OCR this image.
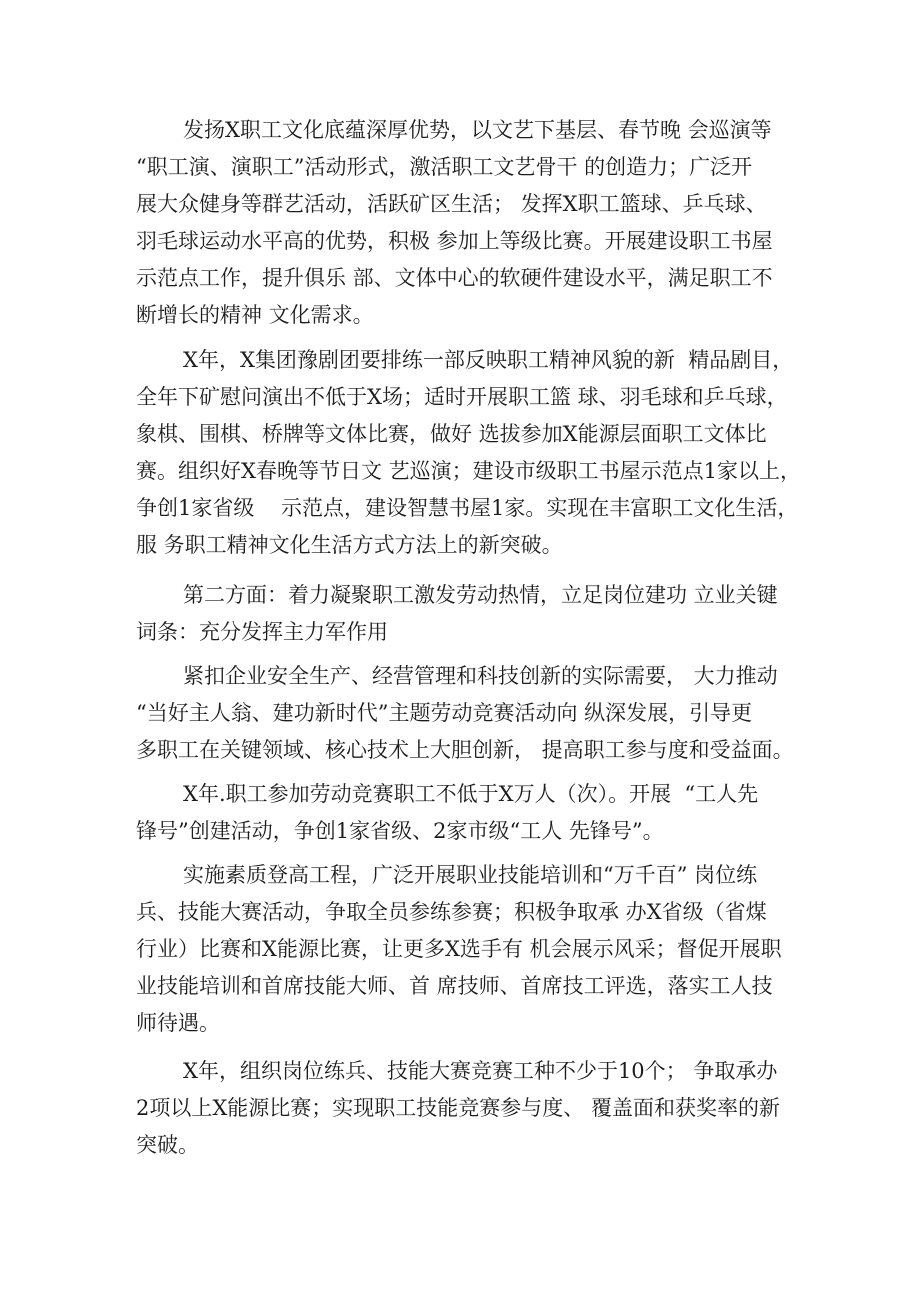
发扬X职工文化底蕴深厚优势，以文艺下基层、春节晚 会巡演等

“职工演、演职工”活动形式，激活职工文艺骨干 的创造力；广泛开

展大众健身等群艺活动，活跃矿区生活； 发挥X职工篮球、乒乓球、

羽毛球运动水平高的优势，积极 参加上等级比赛。开展建设职工书屋

示范点工作，提升俱乐 部、文体中心的软硬件建设水平，满足职工不

断增长的精神 文化需求。

X年，X集团豫剧团要排练一部反映职工精神风貌的新  精品剧目，

全年下矿慰问演出不低于X场；适时开展职工篮 球、羽毛球和乒乓球，

象棋、围棋、桥牌等文体比赛，做好 选拔参加X能源层面职工文体比

赛。组织好X春晚等节日文 艺巡演；建设市级职工书屋示范点1家以上，

争创1家省级    示范点，建设智慧书屋1家。实现在丰富职工文化生活，

服 务职工精神文化生活方式方法上的新突破。

第二方面：着力凝聚职工激发劳动热情，立足岗位建功 立业关键

词条：充分发挥主力军作用

紧扣企业安全生产、经营管理和科技创新的实际需要， 大力推动

“当好主人翁、建功新时代”主题劳动竞赛活动向 纵深发展，引导更

多职工在关键领域、核心技术上大胆创新， 提高职工参与度和受益面。

X年.职工参加劳动竞赛职工不低于X万人（次）。开展  “工人先

锋号”创建活动，争创1家省级、2家市级“工人 先锋号”。

实施素质登高工程，广泛开展职业技能培训和“万千百” 岗位练

兵、技能大赛活动，争取全员参练参赛；积极争取承 办X省级（省煤

行业）比赛和X能源比赛，让更多X选手有 机会展示风采；督促开展职

业技能培训和首席技能大师、首 席技师、首席技工评选，落实工人技

师待遇。

X年，组织岗位练兵、技能大赛竞赛工种不少于10个； 争取承办

2项以上X能源比赛；实现职工技能竞赛参与度、 覆盖面和获奖率的新

突破。
